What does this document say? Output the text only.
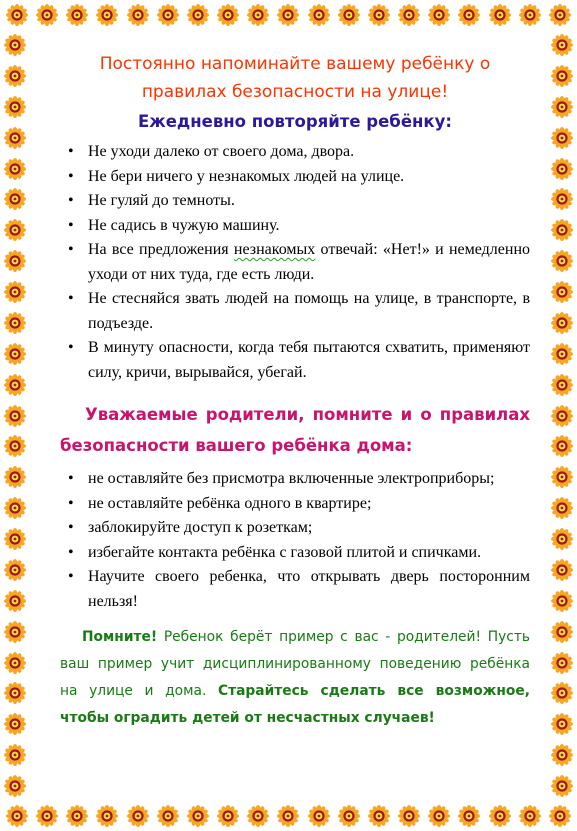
Постоянно напоминайте вашему ребёнку о правилах безопасности на улице!
Ежедневно повторяйте ребёнку:
• Не уходи далеко от своего дома, двора.
• Не бери ничего у незнакомых людей на улице.
• Не гуляй до темноты.
• Не садись в чужую машину.
• На все предложения незнакомых отвечай: «Нет!» и немедленно уходи от них туда, где есть люди.
• Не стесняйся звать людей на помощь на улице, в транспорте, в подъезде.
• В минуту опасности, когда тебя пытаются схватить, применяют силу, кричи, вырывайся, убегай.
Уважаемые родители, помните и о правилах безопасности вашего ребёнка дома:
• не оставляйте без присмотра включенные электроприборы;
• не оставляйте ребёнка одного в квартире;
• заблокируйте доступ к розеткам;
• избегайте контакта ребёнка с газовой плитой и спичками.
• Научите своего ребенка, что открывать дверь посторонним нельзя!
Помните! Ребенок берёт пример с вас - родителей! Пусть ваш пример учит дисциплинированному поведению ребёнка на улице и дома. Старайтесь сделать все возможное, чтобы оградить детей от несчастных случаев!
